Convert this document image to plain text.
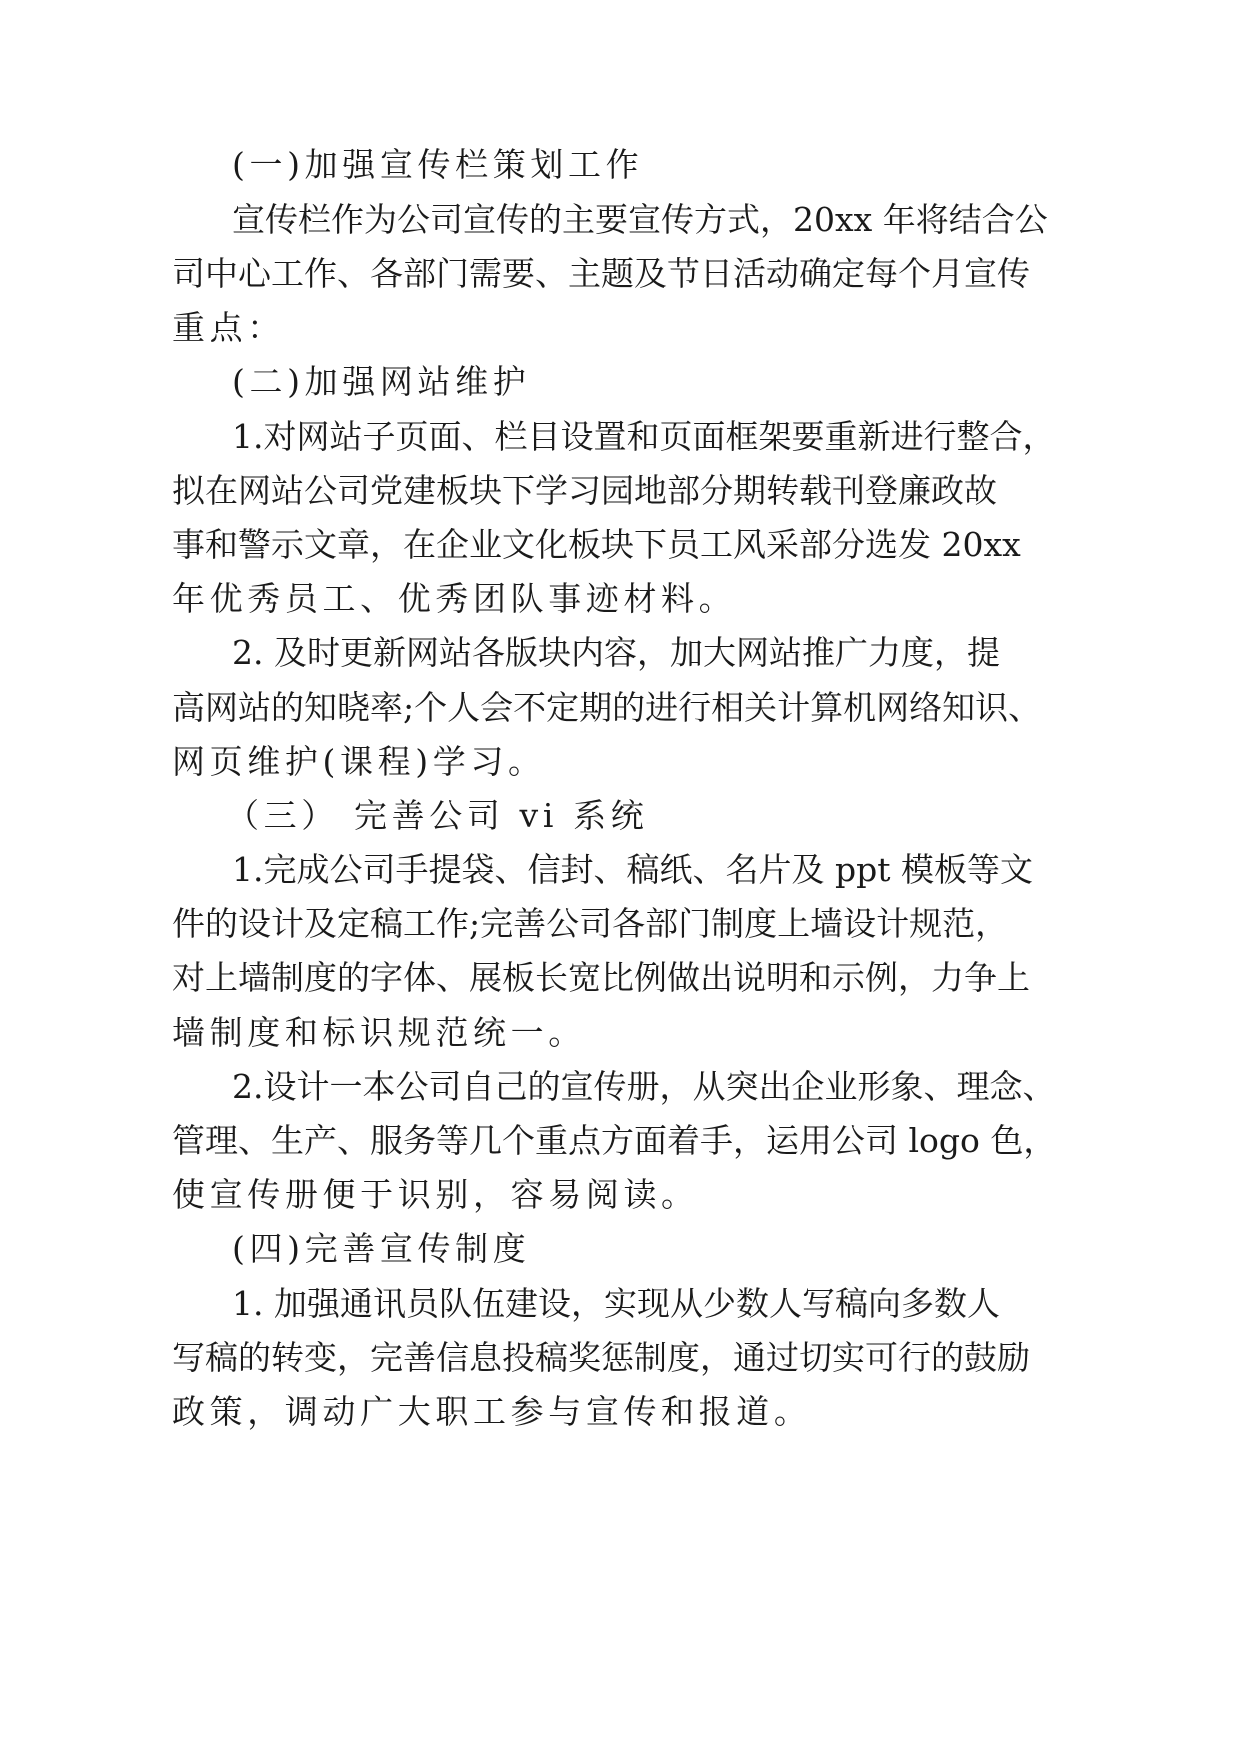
(一)加强宣传栏策划工作
宣传栏作为公司宣传的主要宣传方式，20xx 年将结合公
司中心工作、各部门需要、主题及节日活动确定每个月宣传
重点：
(二)加强网站维护
1.对网站子页面、栏目设置和页面框架要重新进行整合，
拟在网站公司党建板块下学习园地部分期转载刊登廉政故
事和警示文章，在企业文化板块下员工风采部分选发 20xx
年优秀员工、优秀团队事迹材料。
2. 及时更新网站各版块内容，加大网站推广力度，提
高网站的知晓率;个人会不定期的进行相关计算机网络知识、
网页维护(课程)学习。
（三） 完善公司 vi 系统
1.完成公司手提袋、信封、稿纸、名片及 ppt 模板等文
件的设计及定稿工作;完善公司各部门制度上墙设计规范，
对上墙制度的字体、展板长宽比例做出说明和示例，力争上
墙制度和标识规范统一。
2.设计一本公司自己的宣传册，从突出企业形象、理念、
管理、生产、服务等几个重点方面着手，运用公司 logo 色，
使宣传册便于识别，容易阅读。
(四)完善宣传制度
1. 加强通讯员队伍建设，实现从少数人写稿向多数人
写稿的转变，完善信息投稿奖惩制度，通过切实可行的鼓励
政策，调动广大职工参与宣传和报道。
